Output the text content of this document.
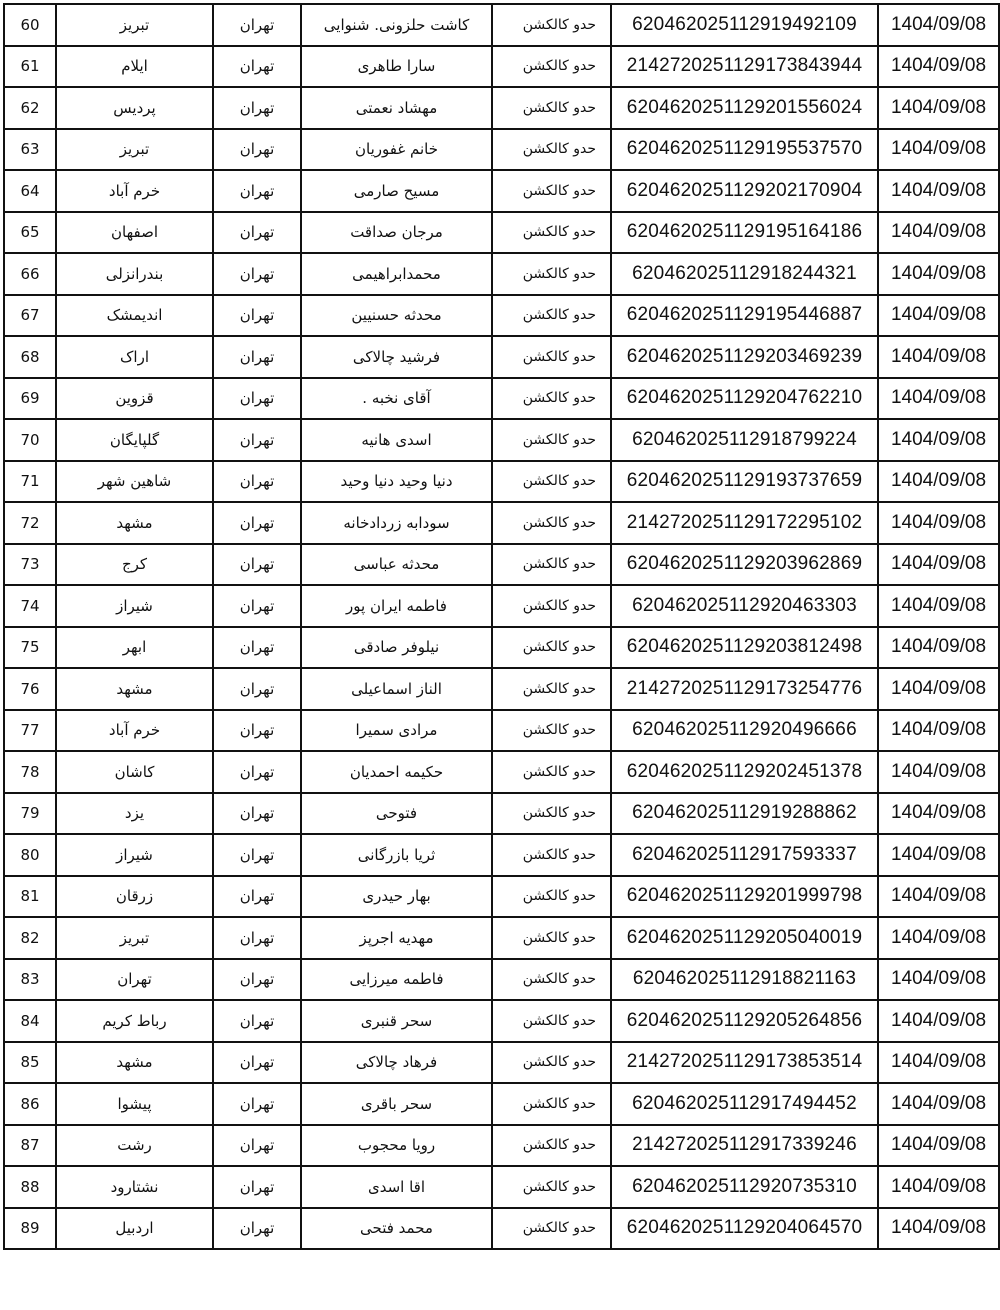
60	تبریز	تهران	کاشت حلزونی. شنوایی	حدو کالکشن	620462025112919492109	1404/09/08
61	ایلام	تهران	سارا طاهری	حدو کالکشن	2142720251129173843944	1404/09/08
62	پردیس	تهران	مهشاد نعمتی	حدو کالکشن	6204620251129201556024	1404/09/08
63	تبریز	تهران	خانم غفوریان	حدو کالکشن	6204620251129195537570	1404/09/08
64	خرم آباد	تهران	مسیح صارمی	حدو کالکشن	6204620251129202170904	1404/09/08
65	اصفهان	تهران	مرجان صداقت	حدو کالکشن	6204620251129195164186	1404/09/08
66	بندرانزلی	تهران	محمدابراهیمی	حدو کالکشن	620462025112918244321	1404/09/08
67	اندیمشک	تهران	محدثه حسنیین	حدو کالکشن	6204620251129195446887	1404/09/08
68	اراک	تهران	فرشید چالاکی	حدو کالکشن	6204620251129203469239	1404/09/08
69	قزوین	تهران	آقای نخبه .	حدو کالکشن	6204620251129204762210	1404/09/08
70	گلپایگان	تهران	اسدی هانیه	حدو کالکشن	620462025112918799224	1404/09/08
71	شاهین شهر	تهران	دنیا وحید دنیا وحید	حدو کالکشن	6204620251129193737659	1404/09/08
72	مشهد	تهران	سودابه زردادخانه	حدو کالکشن	2142720251129172295102	1404/09/08
73	کرج	تهران	محدثه عباسی	حدو کالکشن	6204620251129203962869	1404/09/08
74	شیراز	تهران	فاطمه ایران پور	حدو کالکشن	620462025112920463303	1404/09/08
75	ابهر	تهران	نیلوفر صادقی	حدو کالکشن	6204620251129203812498	1404/09/08
76	مشهد	تهران	الناز اسماعیلی	حدو کالکشن	2142720251129173254776	1404/09/08
77	خرم آباد	تهران	مرادی سمیرا	حدو کالکشن	620462025112920496666	1404/09/08
78	کاشان	تهران	حکیمه احمدیان	حدو کالکشن	6204620251129202451378	1404/09/08
79	یزد	تهران	فتوحی	حدو کالکشن	620462025112919288862	1404/09/08
80	شیراز	تهران	ثریا بازرگانی	حدو کالکشن	620462025112917593337	1404/09/08
81	زرقان	تهران	بهار حیدری	حدو کالکشن	6204620251129201999798	1404/09/08
82	تبریز	تهران	مهدیه اجرپز	حدو کالکشن	6204620251129205040019	1404/09/08
83	تهران	تهران	فاطمه میرزایی	حدو کالکشن	620462025112918821163	1404/09/08
84	رباط کریم	تهران	سحر قنبری	حدو کالکشن	6204620251129205264856	1404/09/08
85	مشهد	تهران	فرهاد چالاکی	حدو کالکشن	2142720251129173853514	1404/09/08
86	پیشوا	تهران	سحر باقری	حدو کالکشن	620462025112917494452	1404/09/08
87	رشت	تهران	رویا محجوب	حدو کالکشن	214272025112917339246	1404/09/08
88	نشتارود	تهران	اقا اسدی	حدو کالکشن	620462025112920735310	1404/09/08
89	اردبیل	تهران	محمد فتحی	حدو کالکشن	6204620251129204064570	1404/09/08
